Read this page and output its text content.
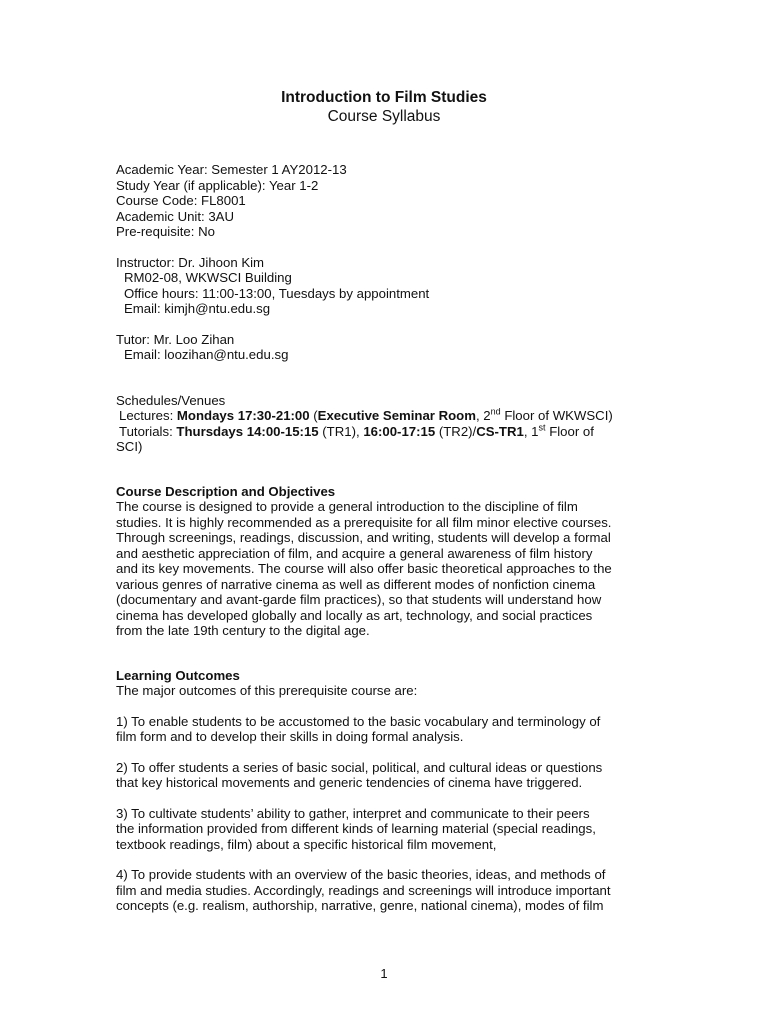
Introduction to Film Studies
Course Syllabus
Academic Year: Semester 1 AY2012-13
Study Year (if applicable): Year 1-2
Course Code: FL8001
Academic Unit: 3AU
Pre-requisite: No
Instructor: Dr. Jihoon Kim
RM02-08, WKWSCI Building
Office hours: 11:00-13:00, Tuesdays by appointment
Email: kimjh@ntu.edu.sg
Tutor: Mr. Loo Zihan
Email: loozihan@ntu.edu.sg
Schedules/Venues
Lectures: Mondays 17:30-21:00 (Executive Seminar Room, 2nd Floor of WKWSCI)
Tutorials: Thursdays 14:00-15:15 (TR1), 16:00-17:15 (TR2)/CS-TR1, 1st Floor of
SCI)
Course Description and Objectives
The course is designed to provide a general introduction to the discipline of film
studies. It is highly recommended as a prerequisite for all film minor elective courses.
Through screenings, readings, discussion, and writing, students will develop a formal
and aesthetic appreciation of film, and acquire a general awareness of film history
and its key movements. The course will also offer basic theoretical approaches to the
various genres of narrative cinema as well as different modes of nonfiction cinema
(documentary and avant-garde film practices), so that students will understand how
cinema has developed globally and locally as art, technology, and social practices
from the late 19th century to the digital age.
Learning Outcomes
The major outcomes of this prerequisite course are:
1) To enable students to be accustomed to the basic vocabulary and terminology of
film form and to develop their skills in doing formal analysis.
2) To offer students a series of basic social, political, and cultural ideas or questions
that key historical movements and generic tendencies of cinema have triggered.
3) To cultivate students’ ability to gather, interpret and communicate to their peers
the information provided from different kinds of learning material (special readings,
textbook readings, film) about a specific historical film movement,
4) To provide students with an overview of the basic theories, ideas, and methods of
film and media studies. Accordingly, readings and screenings will introduce important
concepts (e.g. realism, authorship, narrative, genre, national cinema), modes of film
1
